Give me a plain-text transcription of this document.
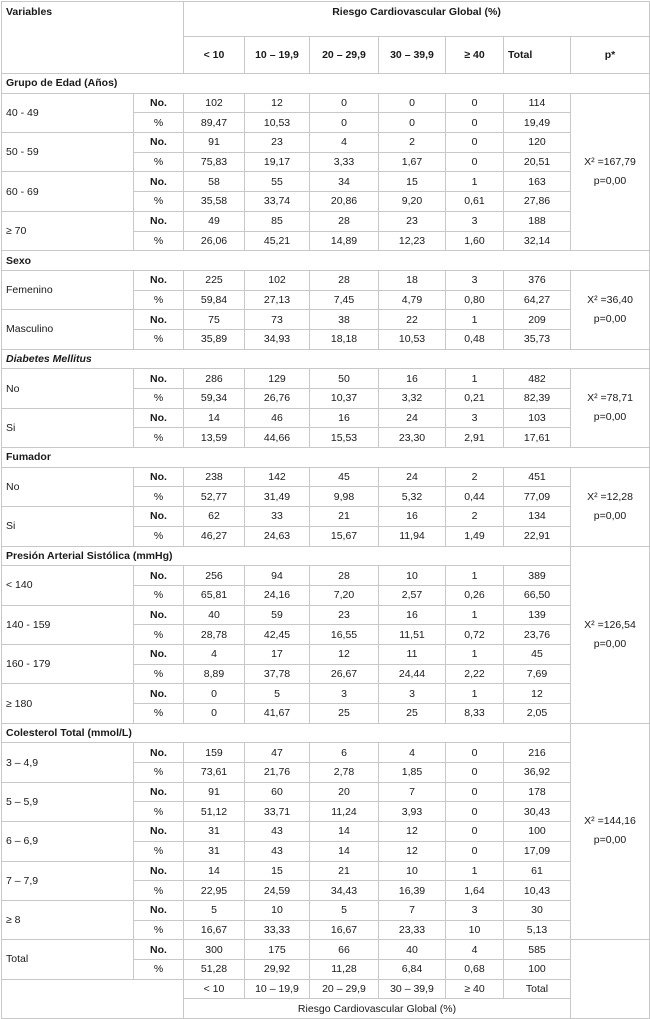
Variables		Riesgo Cardiovascular Global (%)						
		< 10	10 – 19,9	20 – 29,9	30 – 39,9	≥ 40	Total	p*
Grupo de Edad (Años)								
40 - 49	No.	102	12	0	0	0	114	X² =167,79
p=0,00

	%	89,47	10,53	0	0	0	19,49	
50 - 59	No.	91	23	4	2	0	120	
	%	75,83	19,17	3,33	1,67	0	20,51	
60 - 69	No.	58	55	34	15	1	163	
	%	35,58	33,74	20,86	9,20	0,61	27,86	
≥ 70	No.	49	85	28	23	3	188	
	%	26,06	45,21	14,89	12,23	1,60	32,14	
Sexo								
Femenino	No.	225	102	28	18	3	376	X² =36,40
p=0,00

	%	59,84	27,13	7,45	4,79	0,80	64,27	
Masculino	No.	75	73	38	22	1	209	
	%	35,89	34,93	18,18	10,53	0,48	35,73	
Diabetes Mellitus								
No	No.	286	129	50	16	1	482	X² =78,71
p=0,00

	%	59,34	26,76	10,37	3,32	0,21	82,39	
Si	No.	14	46	16	24	3	103	
	%	13,59	44,66	15,53	23,30	2,91	17,61	
Fumador								
No	No.	238	142	45	24	2	451	X² =12,28
p=0,00

	%	52,77	31,49	9,98	5,32	0,44	77,09	
Si	No.	62	33	21	16	2	134	
	%	46,27	24,63	15,67	11,94	1,49	22,91	
Presión Arterial Sistólica (mmHg)								X² =126,54
p=0,00

< 140	No.	256	94	28	10	1	389	
	%	65,81	24,16	7,20	2,57	0,26	66,50	
140 - 159	No.	40	59	23	16	1	139	
	%	28,78	42,45	16,55	11,51	0,72	23,76	
160 - 179	No.	4	17	12	11	1	45	
	%	8,89	37,78	26,67	24,44	2,22	7,69	
≥ 180	No.	0	5	3	3	1	12	
	%	0	41,67	25	25	8,33	2,05	
Colesterol Total (mmol/L)								X² =144,16
p=0,00

3 – 4,9	No.	159	47	6	4	0	216	
	%	73,61	21,76	2,78	1,85	0	36,92	
5 – 5,9	No.	91	60	20	7	0	178	
	%	51,12	33,71	11,24	3,93	0	30,43	
6 – 6,9	No.	31	43	14	12	0	100	
	%	31	43	14	12	0	17,09	
7 – 7,9	No.	14	15	21	10	1	61	
	%	22,95	24,59	34,43	16,39	1,64	10,43	
≥ 8	No.	5	10	5	7	3	30	
	%	16,67	33,33	16,67	23,33	10	5,13	
Total	No.	300	175	66	40	4	585	
	%	51,28	29,92	11,28	6,84	0,68	100	
		< 10	10 – 19,9	20 – 29,9	30 – 39,9	≥ 40	Total	
		Riesgo Cardiovascular Global (%)						
